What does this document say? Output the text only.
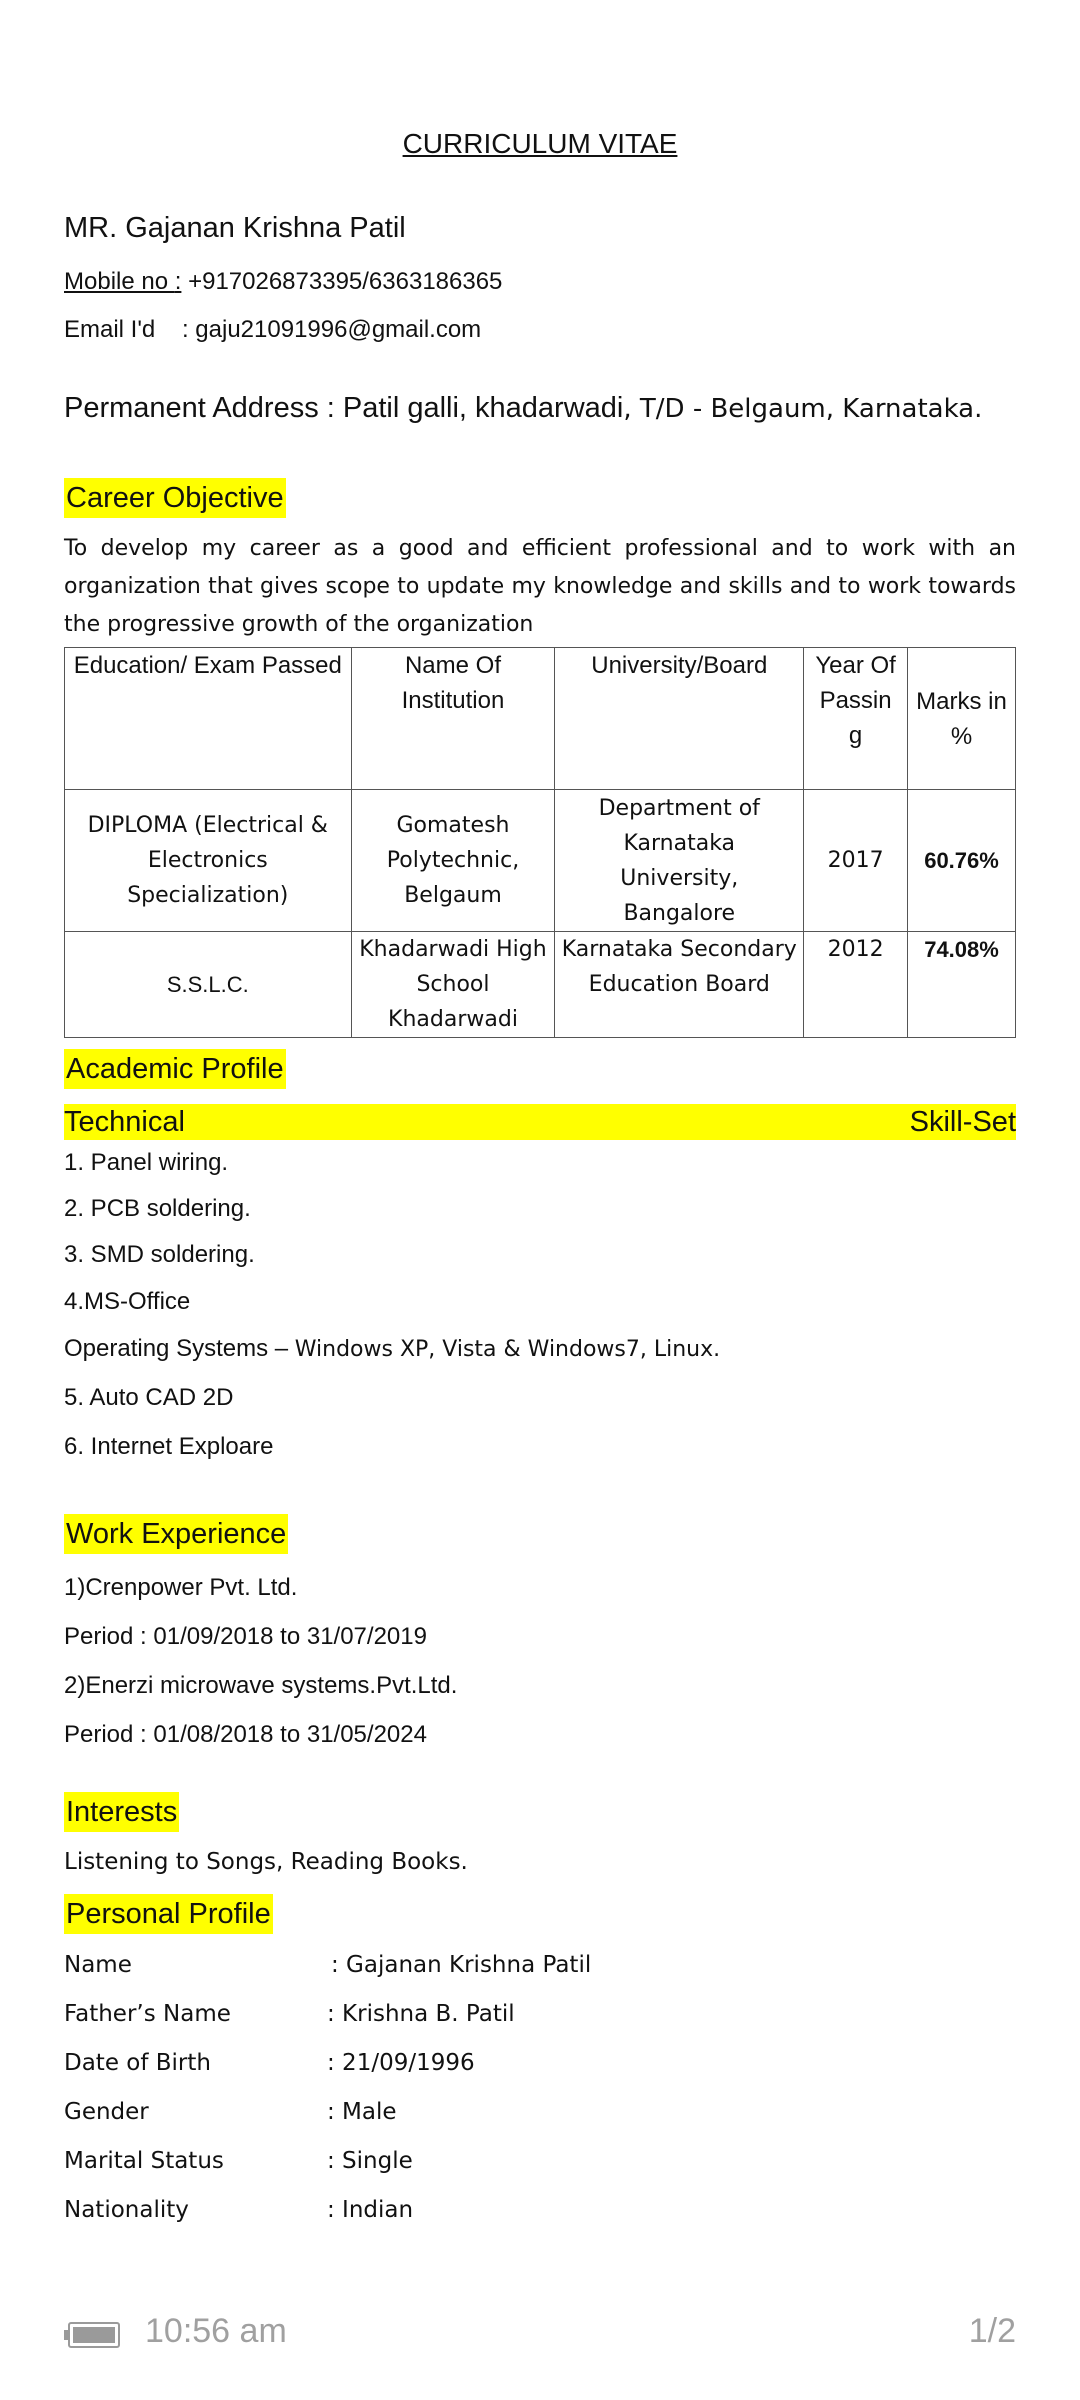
CURRICULUM VITAE

MR. Gajanan Krishna Patil

Mobile no : +917026873395/6363186365

Email I'd    : gaju21091996@gmail.com

Permanent Address : Patil galli, khadarwadi, T/D - Belgaum, Karnataka.

Career Objective

To develop my career as a good and efficient professional and to work with an organization that gives scope to update my knowledge and skills and to work towards the progressive growth of the organization

Education/ Exam Passed	Name Of Institution	University/Board	Year Of Passin g	Marks in %
DIPLOMA (Electrical & Electronics Specialization)	Gomatesh Polytechnic, Belgaum	Department of Karnataka University, Bangalore	2017	60.76%
S.S.L.C.	Khadarwadi High School Khadarwadi	Karnataka Secondary Education Board	2012	74.08%

Academic Profile

Technical	Skill-Set

1. Panel wiring.

2. PCB soldering.

3. SMD soldering.

4.MS-Office

Operating Systems – Windows XP, Vista & Windows7, Linux.

5. Auto CAD 2D

6. Internet Exploare

Work Experience

1)Crenpower Pvt. Ltd.

Period : 01/09/2018 to 31/07/2019

2)Enerzi microwave systems.Pvt.Ltd.

Period : 01/08/2018 to 31/05/2024

Interests

Listening to Songs, Reading Books.

Personal Profile

Name	: Gajanan Krishna Patil

Father’s Name	: Krishna B. Patil

Date of Birth	: 21/09/1996

Gender	: Male

Marital Status	: Single

Nationality	: Indian

10:56 am	1/2
